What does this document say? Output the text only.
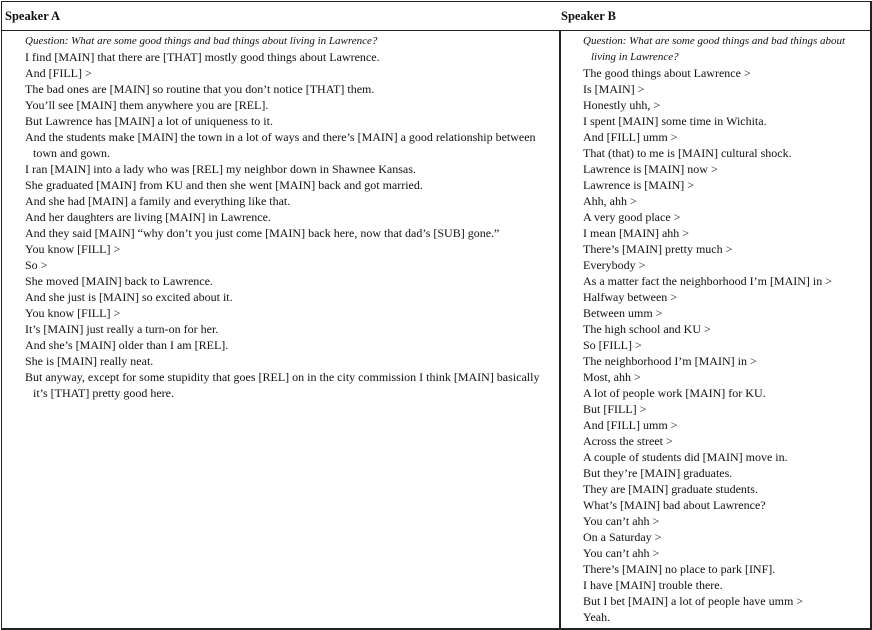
Speaker A	Speaker B
Question: What are some good things and bad things about living in Lawrence?
I find [MAIN] that there are [THAT] mostly good things about Lawrence.
And [FILL] >
The bad ones are [MAIN] so routine that you don’t notice [THAT] them.
You’ll see [MAIN] them anywhere you are [REL].
But Lawrence has [MAIN] a lot of uniqueness to it.
And the students make [MAIN] the town in a lot of ways and there’s [MAIN] a good relationship between town and gown.
I ran [MAIN] into a lady who was [REL] my neighbor down in Shawnee Kansas.
She graduated [MAIN] from KU and then she went [MAIN] back and got married.
And she had [MAIN] a family and everything like that.
And her daughters are living [MAIN] in Lawrence.
And they said [MAIN] “why don’t you just come [MAIN] back here, now that dad’s [SUB] gone.”
You know [FILL] >
So >
She moved [MAIN] back to Lawrence.
And she just is [MAIN] so excited about it.
You know [FILL] >
It’s [MAIN] just really a turn-on for her.
And she’s [MAIN] older than I am [REL].
She is [MAIN] really neat.
But anyway, except for some stupidity that goes [REL] on in the city commission I think [MAIN] basically it’s [THAT] pretty good here.
Question: What are some good things and bad things about living in Lawrence?
The good things about Lawrence >
Is [MAIN] >
Honestly uhh, >
I spent [MAIN] some time in Wichita.
And [FILL] umm >
That (that) to me is [MAIN] cultural shock.
Lawrence is [MAIN] now >
Lawrence is [MAIN] >
Ahh, ahh >
A very good place >
I mean [MAIN] ahh >
There’s [MAIN] pretty much >
Everybody >
As a matter fact the neighborhood I’m [MAIN] in >
Halfway between >
Between umm >
The high school and KU >
So [FILL] >
The neighborhood I’m [MAIN] in >
Most, ahh >
A lot of people work [MAIN] for KU.
But [FILL] >
And [FILL] umm >
Across the street >
A couple of students did [MAIN] move in.
But they’re [MAIN] graduates.
They are [MAIN] graduate students.
What’s [MAIN] bad about Lawrence?
You can’t ahh >
On a Saturday >
You can’t ahh >
There’s [MAIN] no place to park [INF].
I have [MAIN] trouble there.
But I bet [MAIN] a lot of people have umm >
Yeah.
